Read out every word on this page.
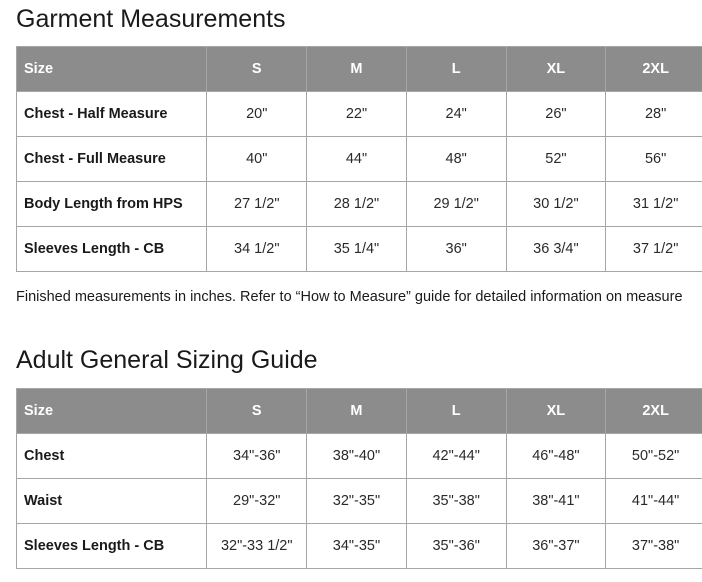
Garment Measurements
Size	S	M	L	XL	2XL
Chest - Half Measure	20"	22"	24"	26"	28"
Chest - Full Measure	40"	44"	48"	52"	56"
Body Length from HPS	27 1/2"	28 1/2"	29 1/2"	30 1/2"	31 1/2"
Sleeves Length - CB	34 1/2"	35 1/4"	36"	36 3/4"	37 1/2"

Finished measurements in inches. Refer to “How to Measure” guide for detailed information on measure

Adult General Sizing Guide
Size	S	M	L	XL	2XL
Chest	34"-36"	38"-40"	42"-44"	46"-48"	50"-52"
Waist	29"-32"	32"-35"	35"-38"	38"-41"	41"-44"
Sleeves Length - CB	32"-33 1/2"	34"-35"	35"-36"	36"-37"	37"-38"
